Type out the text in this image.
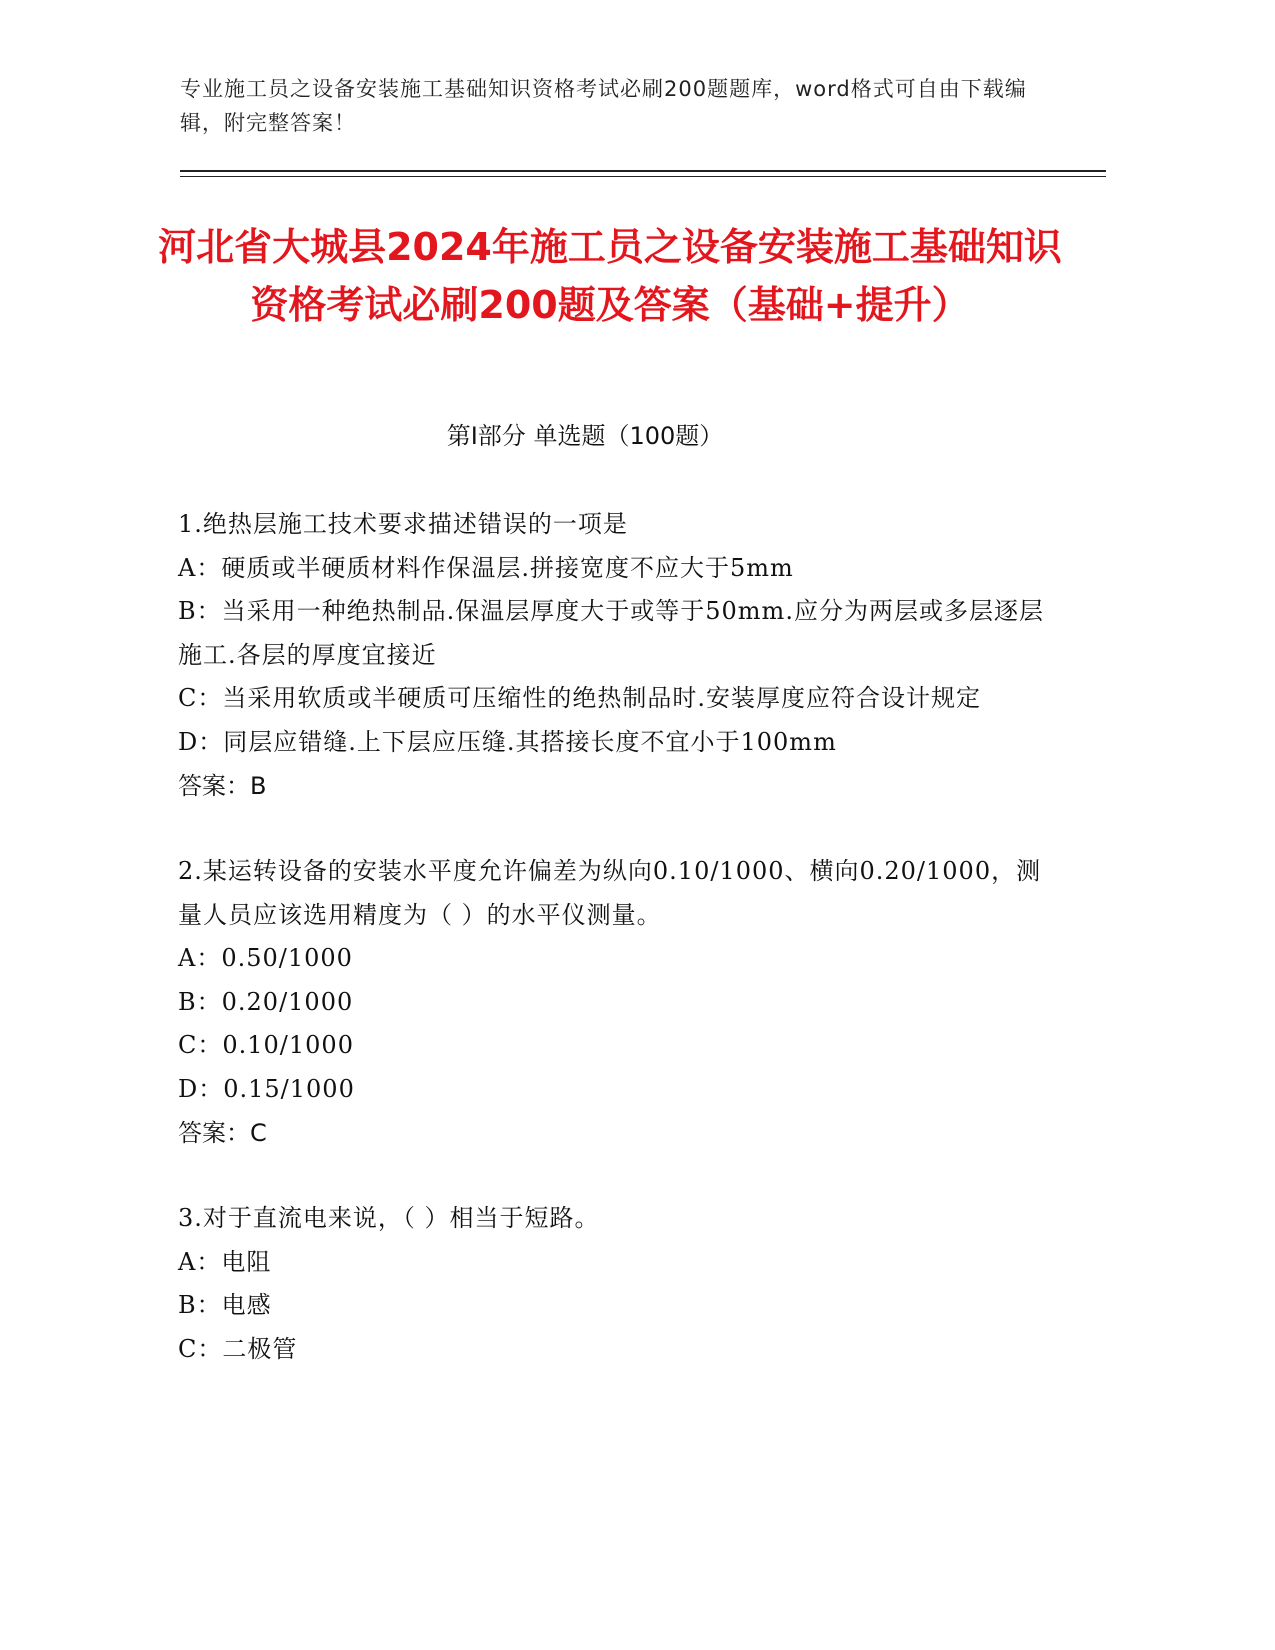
专业施工员之设备安装施工基础知识资格考试必刷200题题库，word格式可自由下载编辑，附完整答案！
河北省大城县2024年施工员之设备安装施工基础知识资格考试必刷200题及答案（基础+提升）
第Ⅰ部分 单选题（100题）
1.绝热层施工技术要求描述错误的一项是
A：硬质或半硬质材料作保温层.拼接宽度不应大于5mm
B：当采用一种绝热制品.保温层厚度大于或等于50mm.应分为两层或多层逐层施工.各层的厚度宜接近
C：当采用软质或半硬质可压缩性的绝热制品时.安装厚度应符合设计规定
D：同层应错缝.上下层应压缝.其搭接长度不宜小于100mm
答案：B
2.某运转设备的安装水平度允许偏差为纵向0.10/1000、横向0.20/1000，测量人员应该选用精度为（ ）的水平仪测量。
A：0.50/1000
B：0.20/1000
C：0.10/1000
D：0.15/1000
答案：C
3.对于直流电来说，（ ）相当于短路。
A：电阻
B：电感
C：二极管
